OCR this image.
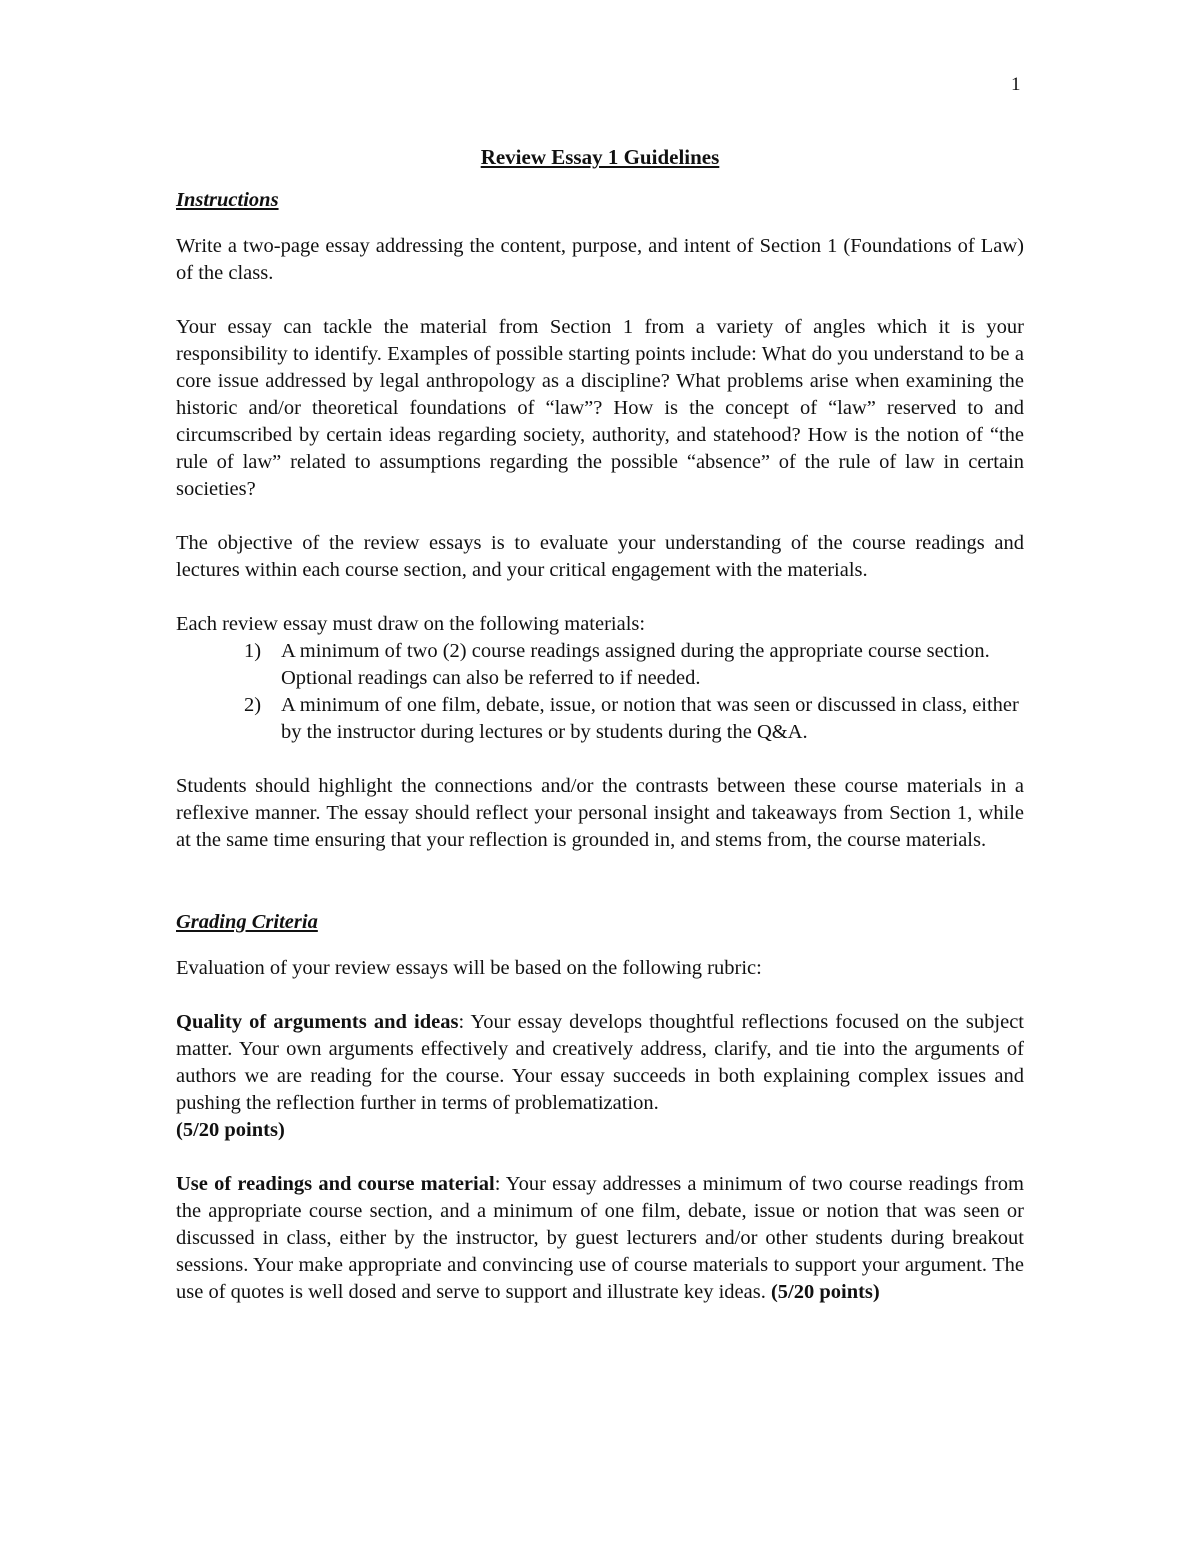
1
Review Essay 1 Guidelines
Instructions

Write a two-page essay addressing the content, purpose, and intent of Section 1 (Foundations of Law) of the class.

Your essay can tackle the material from Section 1 from a variety of angles which it is your responsibility to identify. Examples of possible starting points include: What do you understand to be a core issue addressed by legal anthropology as a discipline? What problems arise when examining the historic and/or theoretical foundations of “law”? How is the concept of “law” reserved to and circumscribed by certain ideas regarding society, authority, and statehood? How is the notion of “the rule of law” related to assumptions regarding the possible “absence” of the rule of law in certain societies?

The objective of the review essays is to evaluate your understanding of the course readings and lectures within each course section, and your critical engagement with the materials.

Each review essay must draw on the following materials:

1) A minimum of two (2) course readings assigned during the appropriate course section. Optional readings can also be referred to if needed.
2) A minimum of one film, debate, issue, or notion that was seen or discussed in class, either by the instructor during lectures or by students during the Q&A.

Students should highlight the connections and/or the contrasts between these course materials in a reflexive manner. The essay should reflect your personal insight and takeaways from Section 1, while at the same time ensuring that your reflection is grounded in, and stems from, the course materials.

Grading Criteria

Evaluation of your review essays will be based on the following rubric:

Quality of arguments and ideas: Your essay develops thoughtful reflections focused on the subject matter. Your own arguments effectively and creatively address, clarify, and tie into the arguments of authors we are reading for the course. Your essay succeeds in both explaining complex issues and pushing the reflection further in terms of problematization.
(5/20 points)

Use of readings and course material: Your essay addresses a minimum of two course readings from the appropriate course section, and a minimum of one film, debate, issue or notion that was seen or discussed in class, either by the instructor, by guest lecturers and/or other students during breakout sessions. Your make appropriate and convincing use of course materials to support your argument. The use of quotes is well dosed and serve to support and illustrate key ideas. (5/20 points)
